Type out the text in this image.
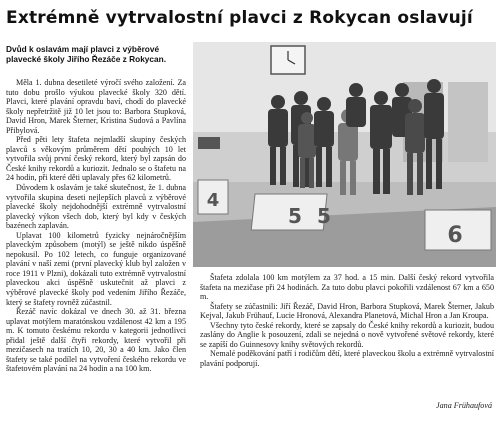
Extrémně vytrvalostní plavci z Rokycan oslavují
Dvůd k oslavám mají plavci z výběrové plavecké školy Jiřího Řezáče z Rokycan.

Měla 1. dubna desetileté výročí svého založení. Za tuto dobu prošlo výukou plavecké školy 320 dětí. Plavci, které plavání opravdu baví, chodí do plavecké školy nepřetržitě již 10 let jsou to: Barbora Stupková, David Hron, Marek Šterner, Kristina Sudová a Pavlína Přibylová.

Před pěti lety štafeta nejmladší skupiny českých plavců s věkovým průměrem dětí pouhých 10 let vytvořila svůj první český rekord, který byl zapsán do České knihy rekordů a kuriozit. Jednalo se o štafetu na 24 hodin, při které děti uplavaly přes 62 kilometrů.

Důvodem k oslavám je také skutečnost, že 1. dubna vytvořila skupina deseti nejlepších plavců z výběrové plavecké školy nejdohodnější extrémně vytrvalostní plavecký výkon všech dob, který byl kdy v českých bazénech zaplaván.

Uplavat 100 kilometrů fyzicky nejnáročnějším plaveckým způsobem (motýl) se ještě nikdo úspěšně nepokusil. Po 102 letech, co funguje organizované plavání v naší zemi (první plavecký klub byl založen v roce 1911 v Plzni), dokázali tuto extrémně vytrvalostní plaveckou akci úspěšně uskutečnit až plavci z výběrové plavecké školy pod vedením Jiřího Řezáče, který se štafety rovněž zúčastnil.

Řezáč navíc dokázal ve dnech 30. až 31. března uplavat motýlem maratónskou vzdálenost 42 km a 195 m. K tomuto českému rekordu v kategorii jednotlivci přidal ještě další čtyři rekordy, které vytvořil při mezičasech na tratích 10, 20, 30 a 40 km. Jako člen štafety se také podílel na vytvoření českého rekordu ve štafetovém plavání na 24 hodin a na 100 km.

4
5 5
6

Štafeta zdolala 100 km motýlem za 37 hod. a 15 min. Další český rekord vytvořila štafeta na mezičase při 24 hodinách. Za tuto dobu plavci pokořili vzdálenost 67 km a 650 m.

Štafety se zúčastnili: Jiří Řezáč, David Hron, Barbora Stupková, Marek Šterner, Jakub Kejval, Jakub Frühauf, Lucie Hronová, Alexandra Planetová, Michal Hron a Jan Kroupa.

Všechny tyto české rekordy, které se zapsaly do České knihy rekordů a kuriozit, budou zaslány do Anglie k posouzení, zdali se nejedná o nově vytvořené světové rekordy, které se zapíší do Guinnesovy knihy světových rekordů.

Nemalé poděkování patří i rodičům dětí, které plaveckou školu a extrémně vytrvalostní plavání podporují.

Jana Frühaufová
